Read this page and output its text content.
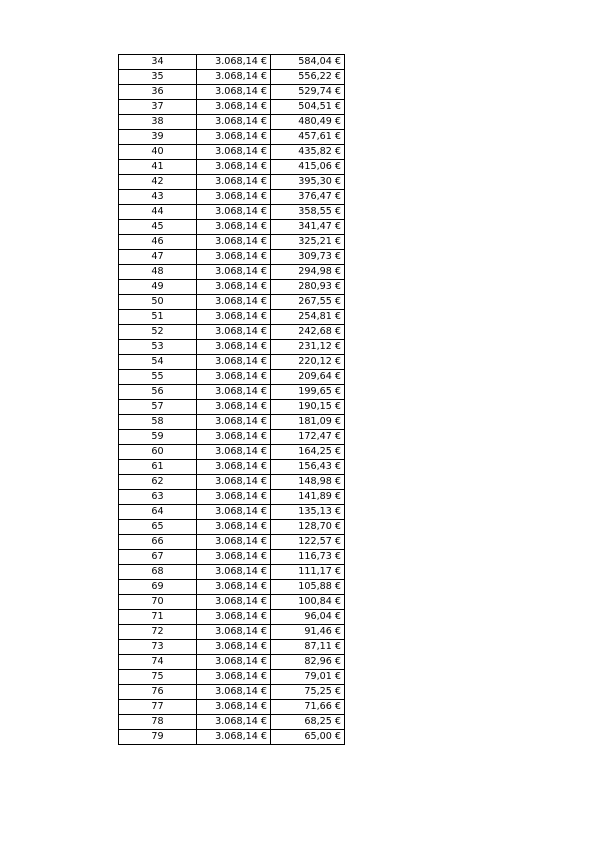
34	3.068,14 €	584,04 €
35	3.068,14 €	556,22 €
36	3.068,14 €	529,74 €
37	3.068,14 €	504,51 €
38	3.068,14 €	480,49 €
39	3.068,14 €	457,61 €
40	3.068,14 €	435,82 €
41	3.068,14 €	415,06 €
42	3.068,14 €	395,30 €
43	3.068,14 €	376,47 €
44	3.068,14 €	358,55 €
45	3.068,14 €	341,47 €
46	3.068,14 €	325,21 €
47	3.068,14 €	309,73 €
48	3.068,14 €	294,98 €
49	3.068,14 €	280,93 €
50	3.068,14 €	267,55 €
51	3.068,14 €	254,81 €
52	3.068,14 €	242,68 €
53	3.068,14 €	231,12 €
54	3.068,14 €	220,12 €
55	3.068,14 €	209,64 €
56	3.068,14 €	199,65 €
57	3.068,14 €	190,15 €
58	3.068,14 €	181,09 €
59	3.068,14 €	172,47 €
60	3.068,14 €	164,25 €
61	3.068,14 €	156,43 €
62	3.068,14 €	148,98 €
63	3.068,14 €	141,89 €
64	3.068,14 €	135,13 €
65	3.068,14 €	128,70 €
66	3.068,14 €	122,57 €
67	3.068,14 €	116,73 €
68	3.068,14 €	111,17 €
69	3.068,14 €	105,88 €
70	3.068,14 €	100,84 €
71	3.068,14 €	96,04 €
72	3.068,14 €	91,46 €
73	3.068,14 €	87,11 €
74	3.068,14 €	82,96 €
75	3.068,14 €	79,01 €
76	3.068,14 €	75,25 €
77	3.068,14 €	71,66 €
78	3.068,14 €	68,25 €
79	3.068,14 €	65,00 €
